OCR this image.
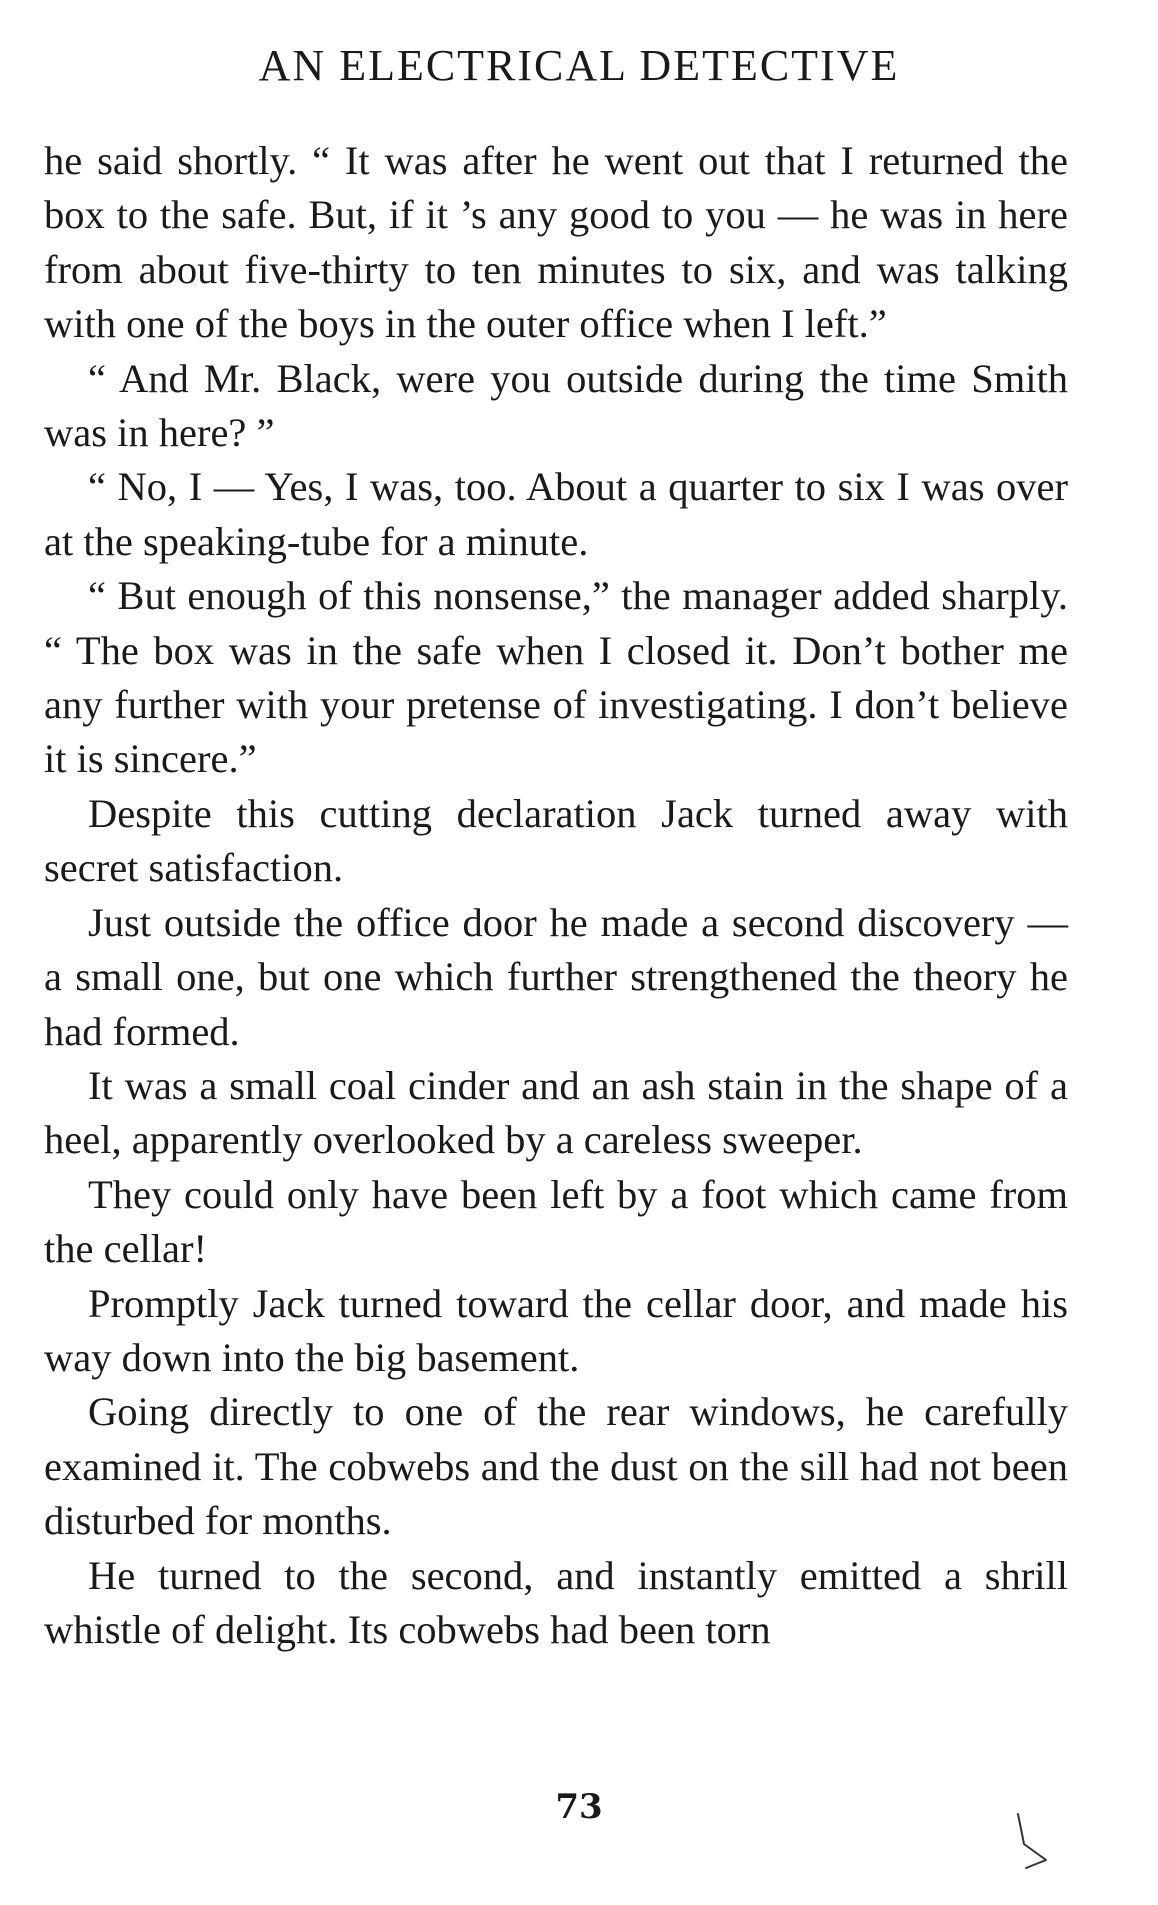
AN ELECTRICAL DETECTIVE

he said shortly. “ It was after he went out that I returned the box to the safe. But, if it ’s any good to you — he was in here from about five-thirty to ten minutes to six, and was talking with one of the boys in the outer office when I left.”

“ And Mr. Black, were you outside during the time Smith was in here? ”

“ No, I — Yes, I was, too. About a quarter to six I was over at the speaking-tube for a minute.

“ But enough of this nonsense,” the manager added sharply. “ The box was in the safe when I closed it. Don’t bother me any further with your pretense of investigating. I don’t believe it is sincere.”

Despite this cutting declaration Jack turned away with secret satisfaction.

Just outside the office door he made a second discovery — a small one, but one which further strengthened the theory he had formed.

It was a small coal cinder and an ash stain in the shape of a heel, apparently overlooked by a careless sweeper.

They could only have been left by a foot which came from the cellar!

Promptly Jack turned toward the cellar door, and made his way down into the big basement.

Going directly to one of the rear windows, he carefully examined it. The cobwebs and the dust on the sill had not been disturbed for months.

He turned to the second, and instantly emitted a shrill whistle of delight. Its cobwebs had been torn

73
